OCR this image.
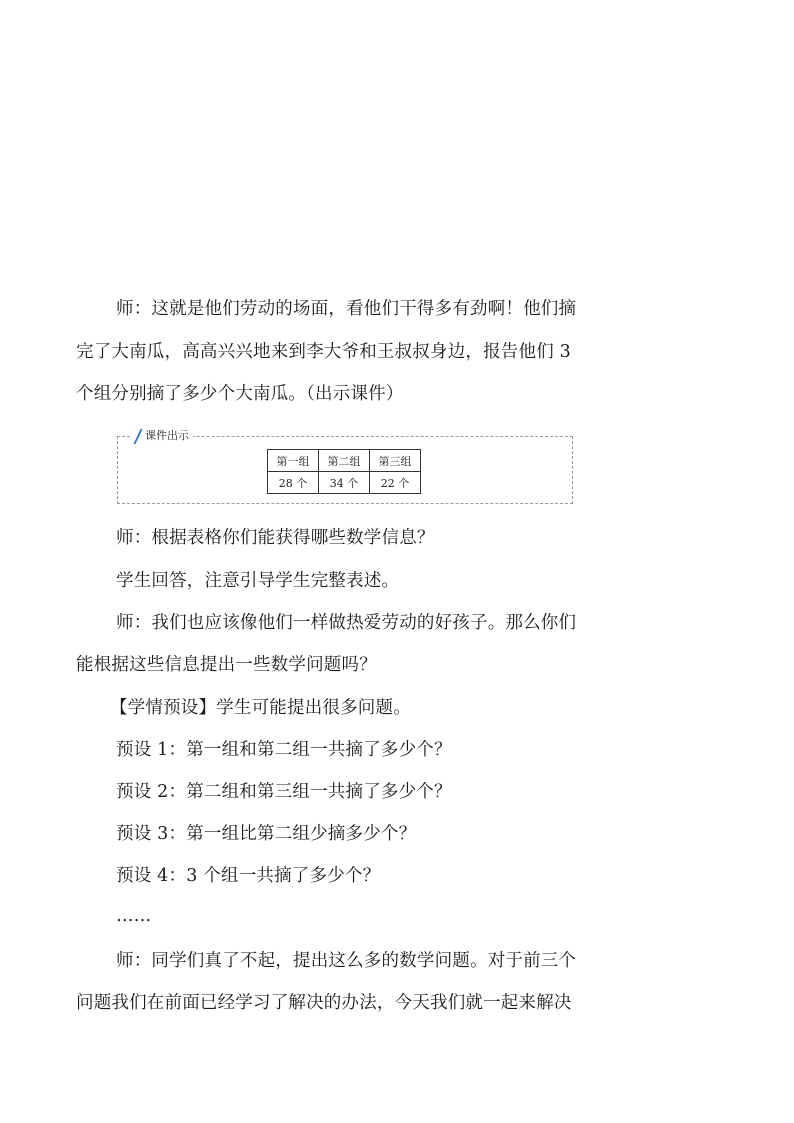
师：这就是他们劳动的场面，看他们干得多有劲啊！他们摘
完了大南瓜，高高兴兴地来到李大爷和王叔叔身边，报告他们 3
个组分别摘了多少个大南瓜。（出示课件）
课件出示
第一组	第二组	第三组
28 个	34 个	22 个
师：根据表格你们能获得哪些数学信息？
学生回答，注意引导学生完整表述。
师：我们也应该像他们一样做热爱劳动的好孩子。那么你们
能根据这些信息提出一些数学问题吗？
【学情预设】学生可能提出很多问题。
预设 1：第一组和第二组一共摘了多少个？
预设 2：第二组和第三组一共摘了多少个？
预设 3：第一组比第二组少摘多少个？
预设 4：3 个组一共摘了多少个？
……
师：同学们真了不起，提出这么多的数学问题。对于前三个
问题我们在前面已经学习了解决的办法，今天我们就一起来解决
